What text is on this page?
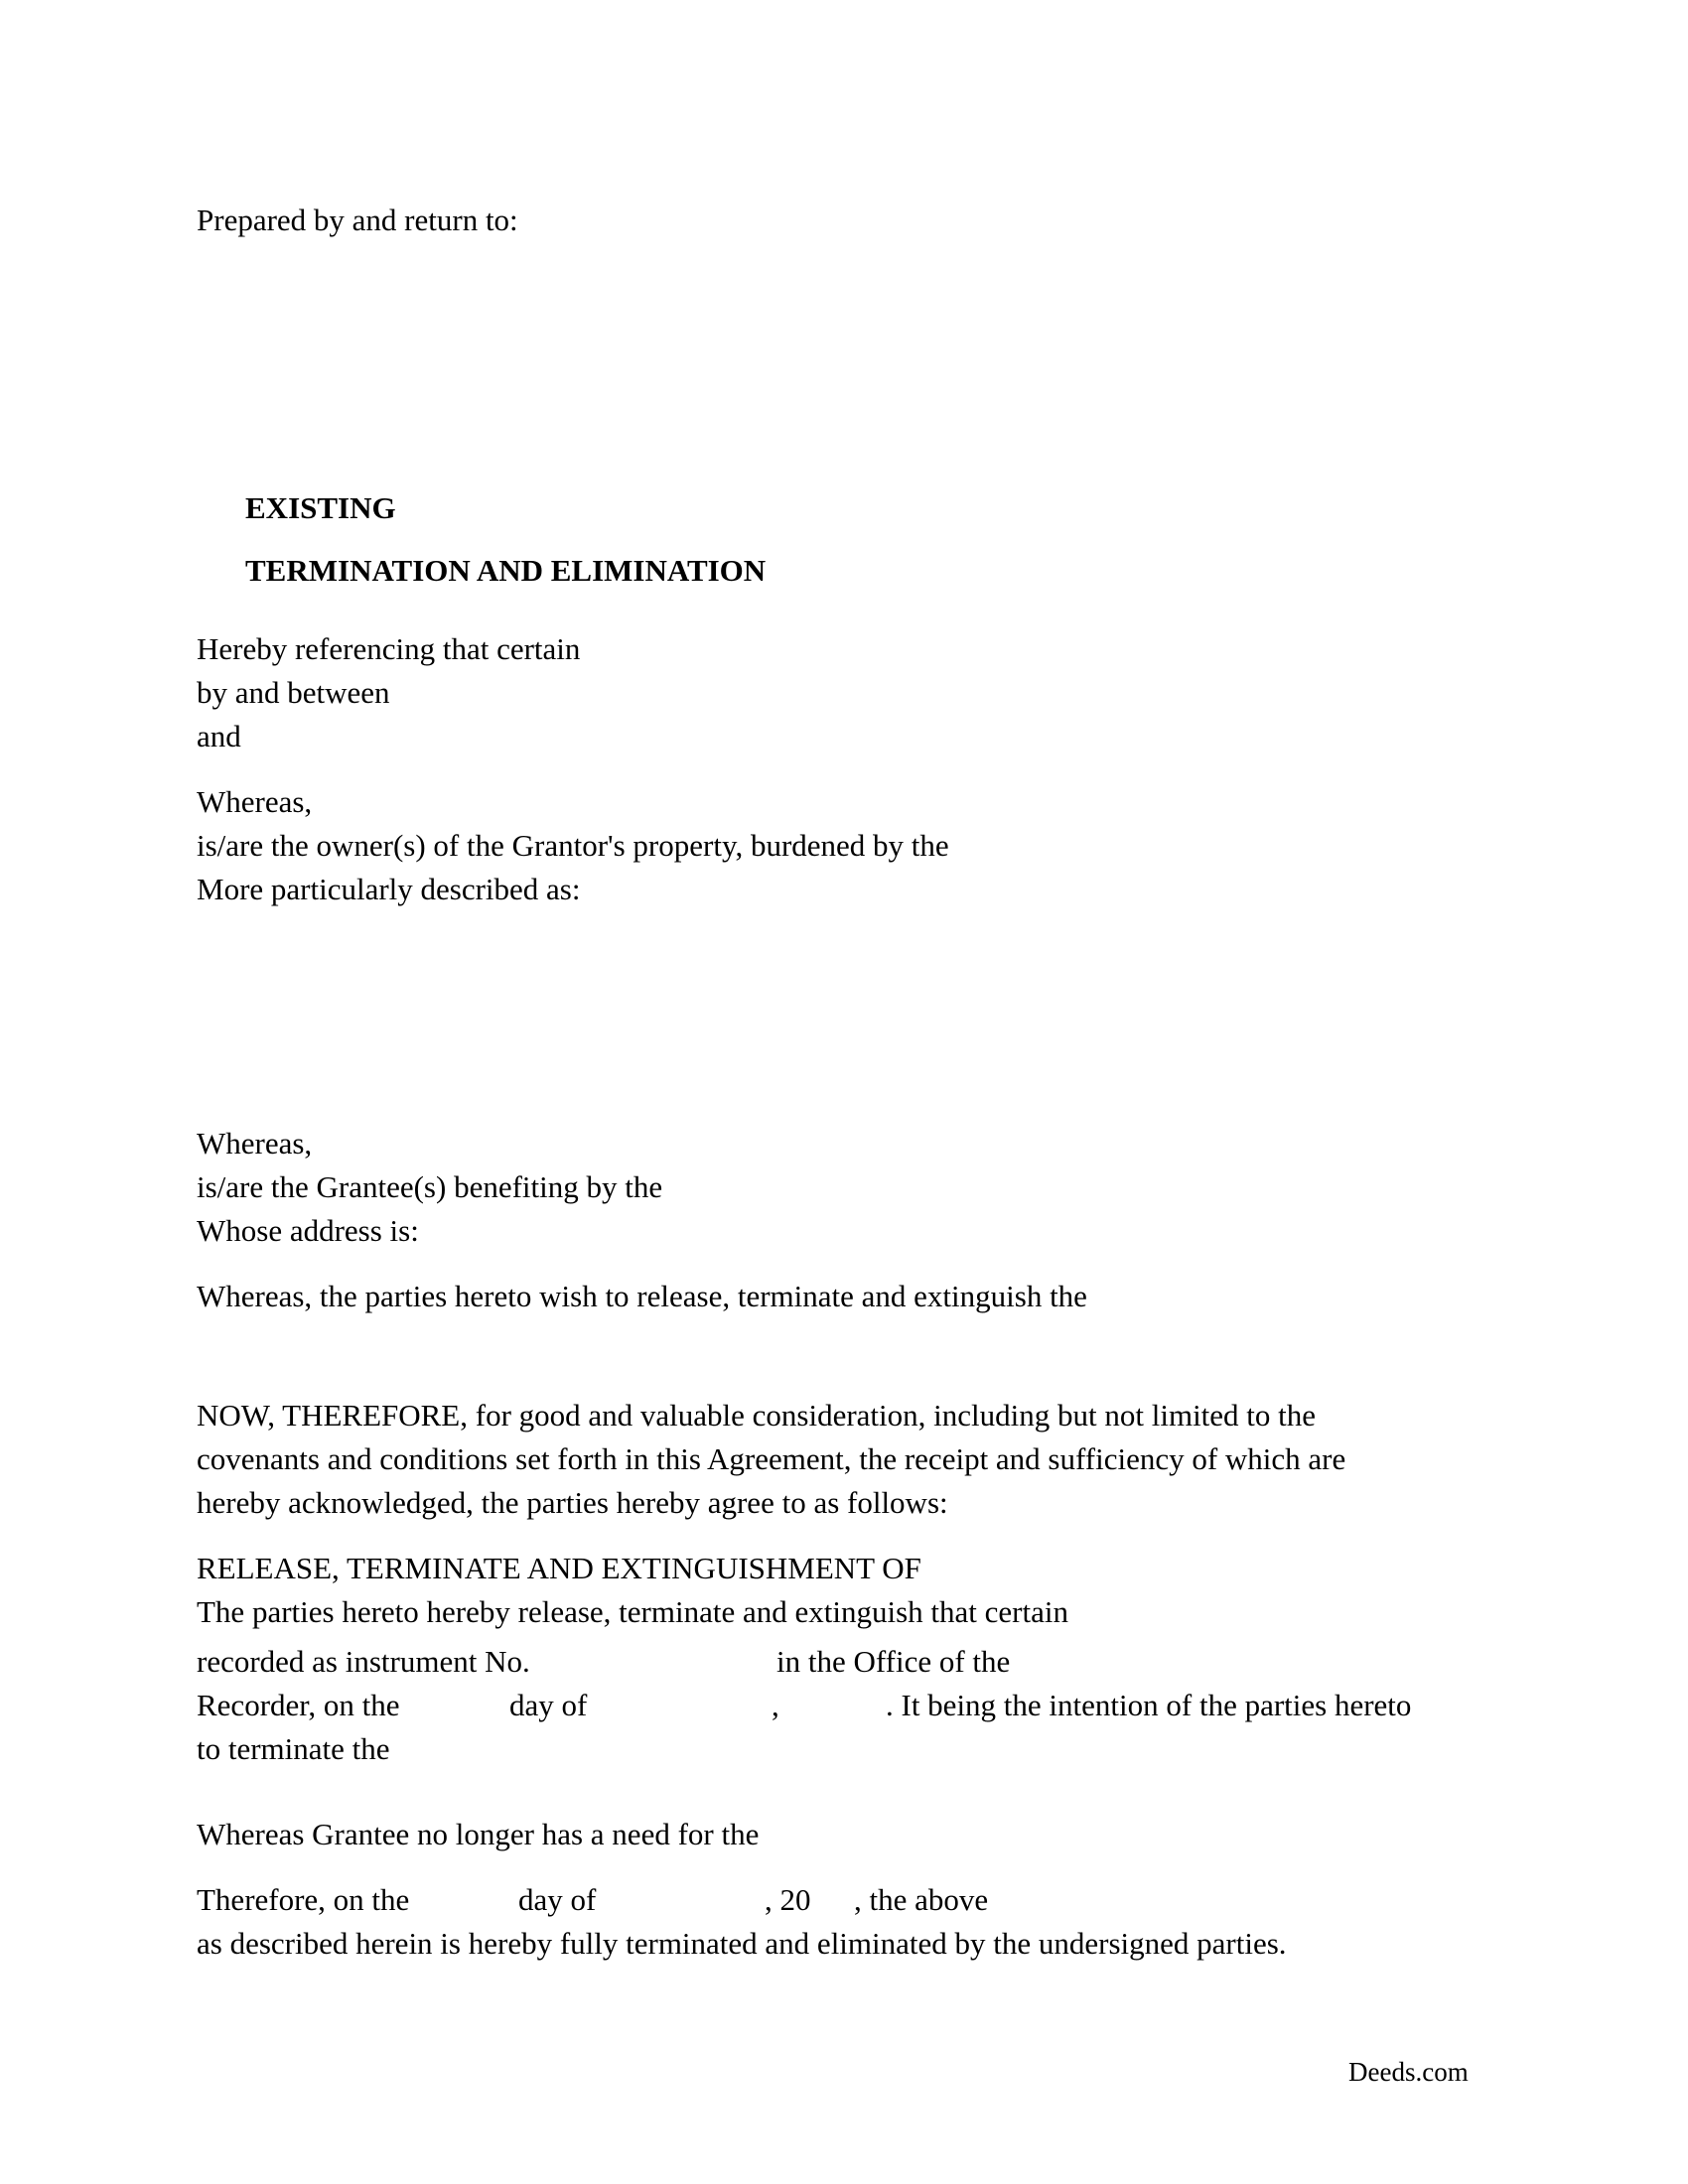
Prepared by and return to:
EXISTING
TERMINATION AND ELIMINATION
Hereby referencing that certain
by and between
and
Whereas,
is/are the owner(s) of the Grantor's property, burdened by the
More particularly described as:
Whereas,
is/are the Grantee(s) benefiting by the
Whose address is:
Whereas, the parties hereto wish to release, terminate and extinguish the
NOW, THEREFORE, for good and valuable consideration, including but not limited to the
covenants and conditions set forth in this Agreement, the receipt and sufficiency of which are
hereby acknowledged, the parties hereby agree to as follows:
RELEASE, TERMINATE AND EXTINGUISHMENT OF
The parties hereto hereby release, terminate and extinguish that certain
recorded as instrument No.	in the Office of the
Recorder, on the	day of	,	. It being the intention of the parties hereto
to terminate the
Whereas Grantee no longer has a need for the
Therefore, on the	day of	, 20 , the above
as described herein is hereby fully terminated and eliminated by the undersigned parties.
Deeds.com
